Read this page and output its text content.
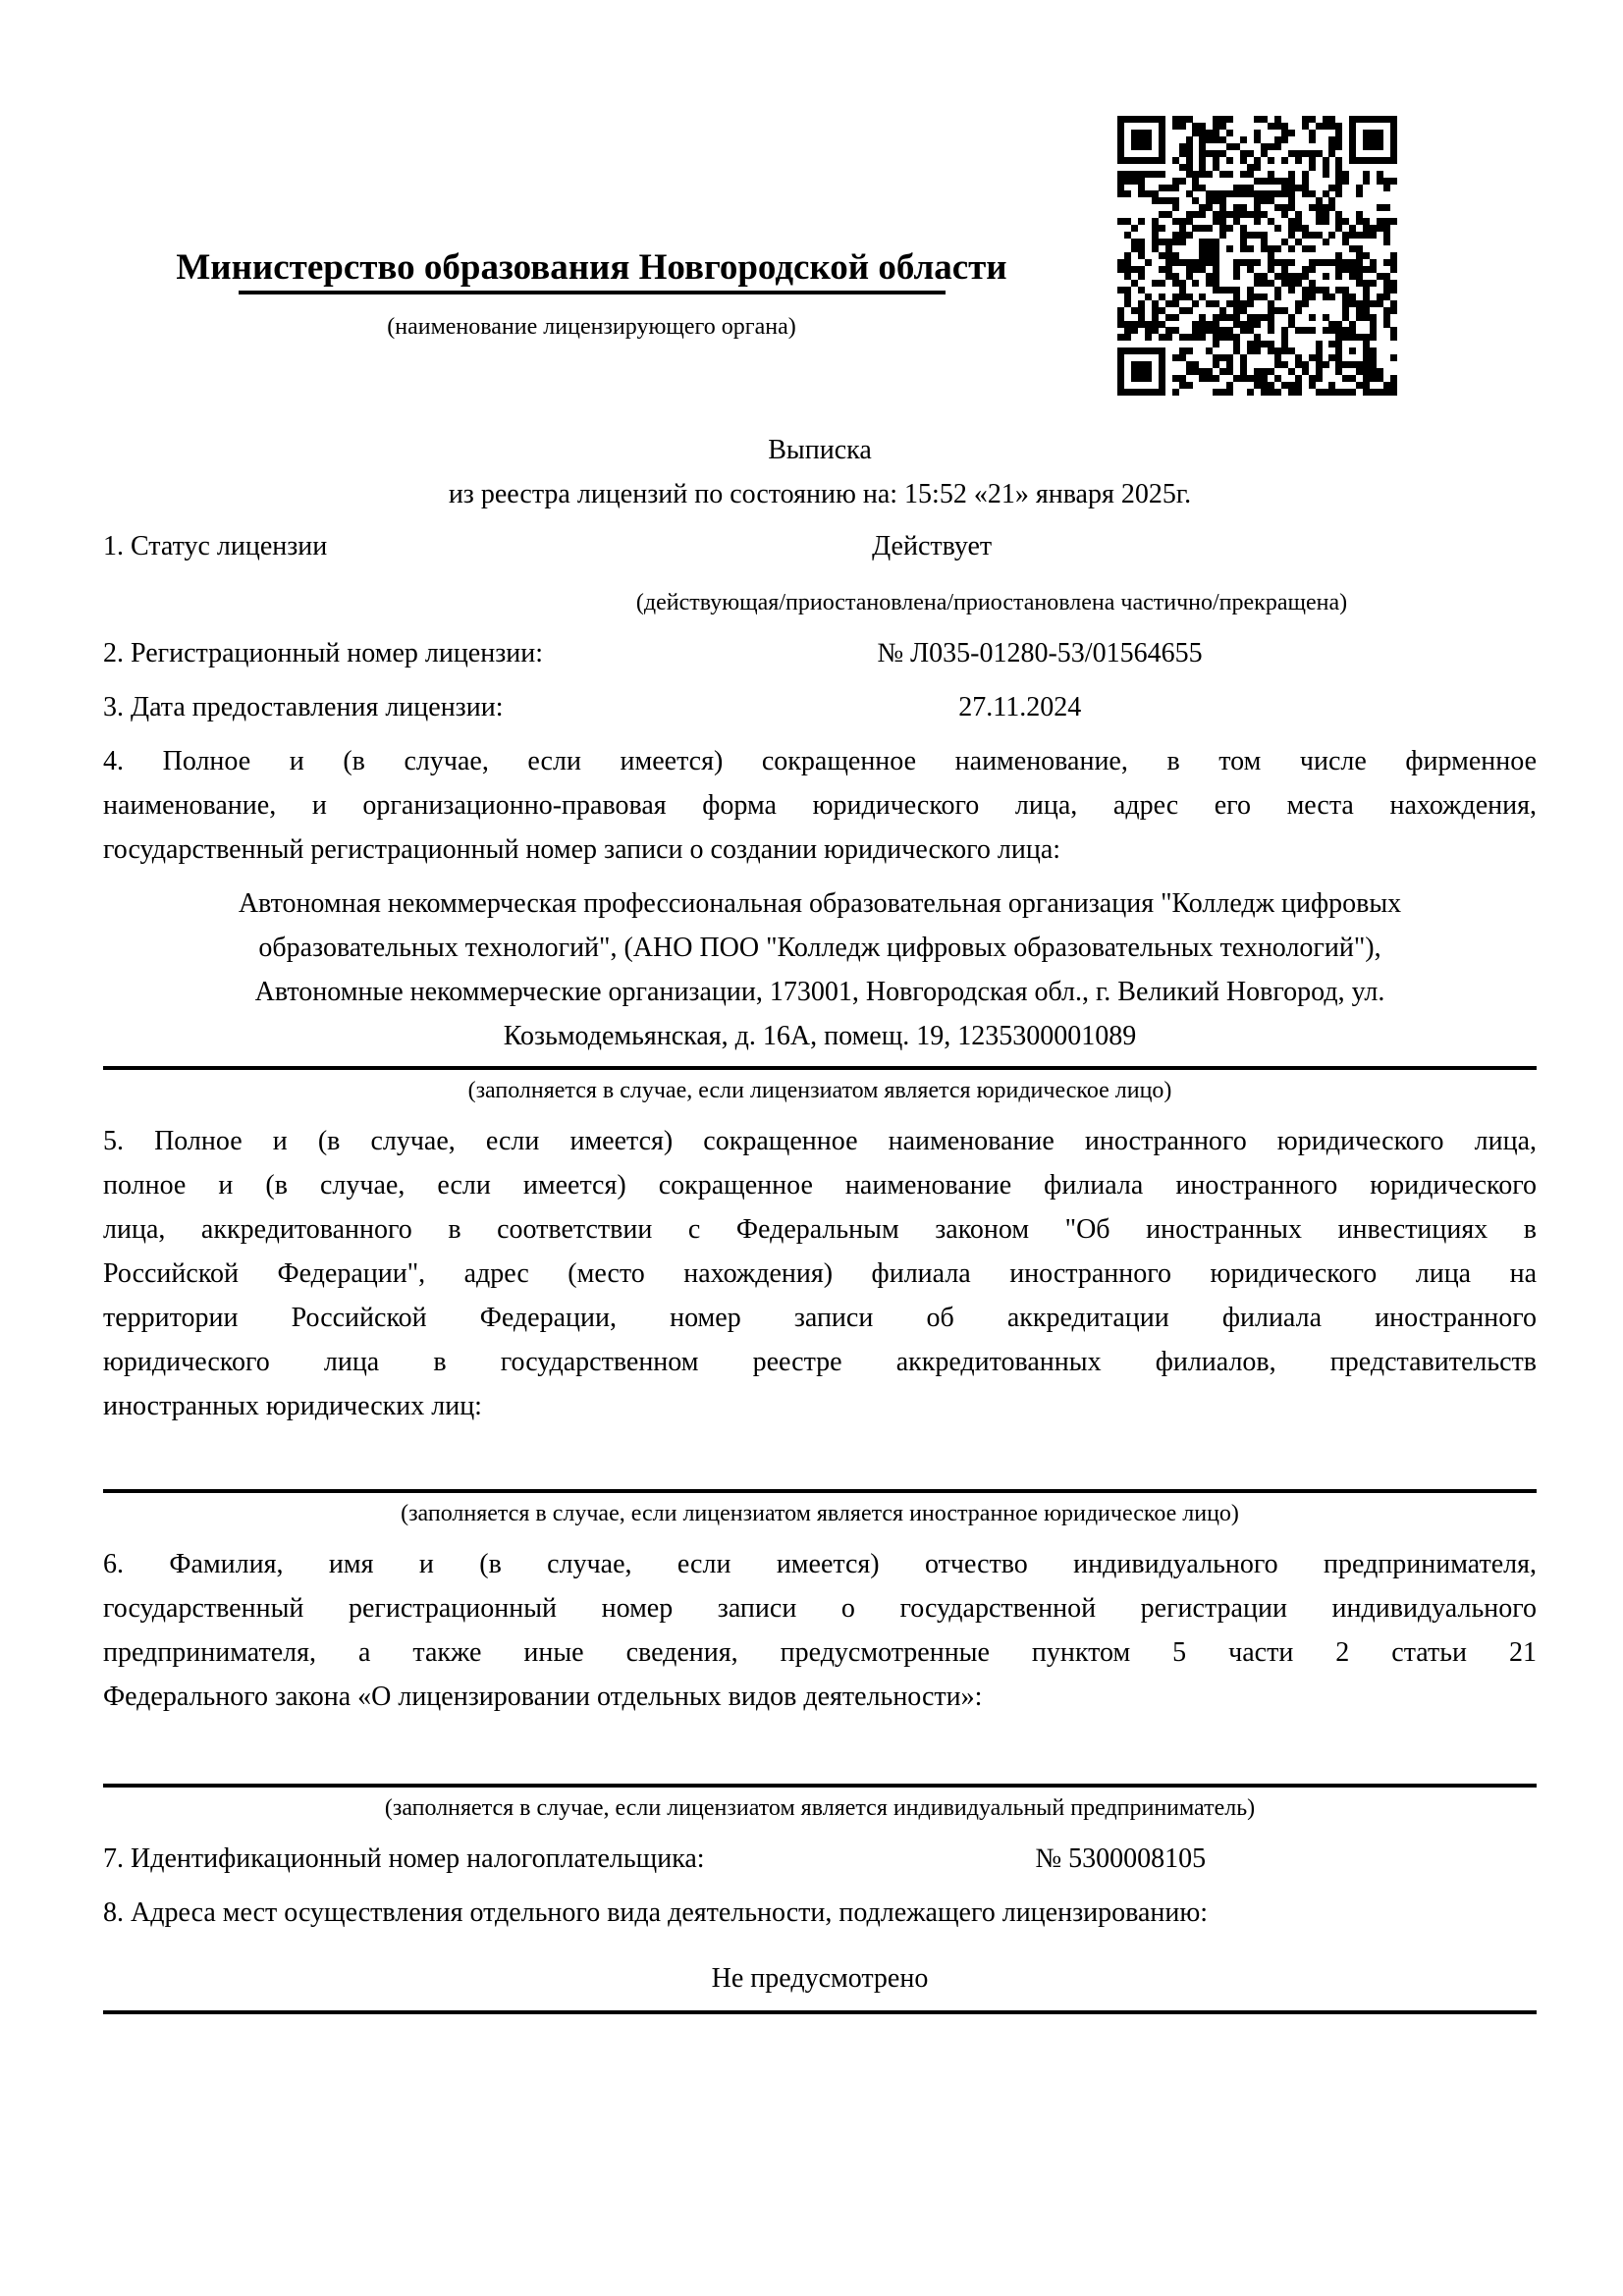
Министерство образования Новгородской области
(наименование лицензирующего органа)
Выписка
из реестра лицензий по состоянию на: 15:52 «21» января 2025г.
1. Статус лицензии	Действует
(действующая/приостановлена/приостановлена частично/прекращена)
2. Регистрационный номер лицензии:	№ Л035-01280-53/01564655
3. Дата предоставления лицензии:	27.11.2024
4. Полное и (в случае, если имеется) сокращенное наименование, в том числе фирменное
наименование, и организационно-правовая форма юридического лица, адрес его места нахождения,
государственный регистрационный номер записи о создании юридического лица:
Автономная некоммерческая профессиональная образовательная организация "Колледж цифровых
образовательных технологий", (АНО ПОО "Колледж цифровых образовательных технологий"),
Автономные некоммерческие организации, 173001, Новгородская обл., г. Великий Новгород, ул.
Козьмодемьянская, д. 16А, помещ. 19, 1235300001089
(заполняется в случае, если лицензиатом является юридическое лицо)
5. Полное и (в случае, если имеется) сокращенное наименование иностранного юридического лица,
полное и (в случае, если имеется) сокращенное наименование филиала иностранного юридического
лица, аккредитованного в соответствии с Федеральным законом "Об иностранных инвестициях в
Российской Федерации", адрес (место нахождения) филиала иностранного юридического лица на
территории Российской Федерации, номер записи об аккредитации филиала иностранного
юридического лица в государственном реестре аккредитованных филиалов, представительств
иностранных юридических лиц:
(заполняется в случае, если лицензиатом является иностранное юридическое лицо)
6. Фамилия, имя и (в случае, если имеется) отчество индивидуального предпринимателя,
государственный регистрационный номер записи о государственной регистрации индивидуального
предпринимателя, а также иные сведения, предусмотренные пунктом 5 части 2 статьи 21
Федерального закона «О лицензировании отдельных видов деятельности»:
(заполняется в случае, если лицензиатом является индивидуальный предприниматель)
7. Идентификационный номер налогоплательщика:	№ 5300008105
8. Адреса мест осуществления отдельного вида деятельности, подлежащего лицензированию:
Не предусмотрено
